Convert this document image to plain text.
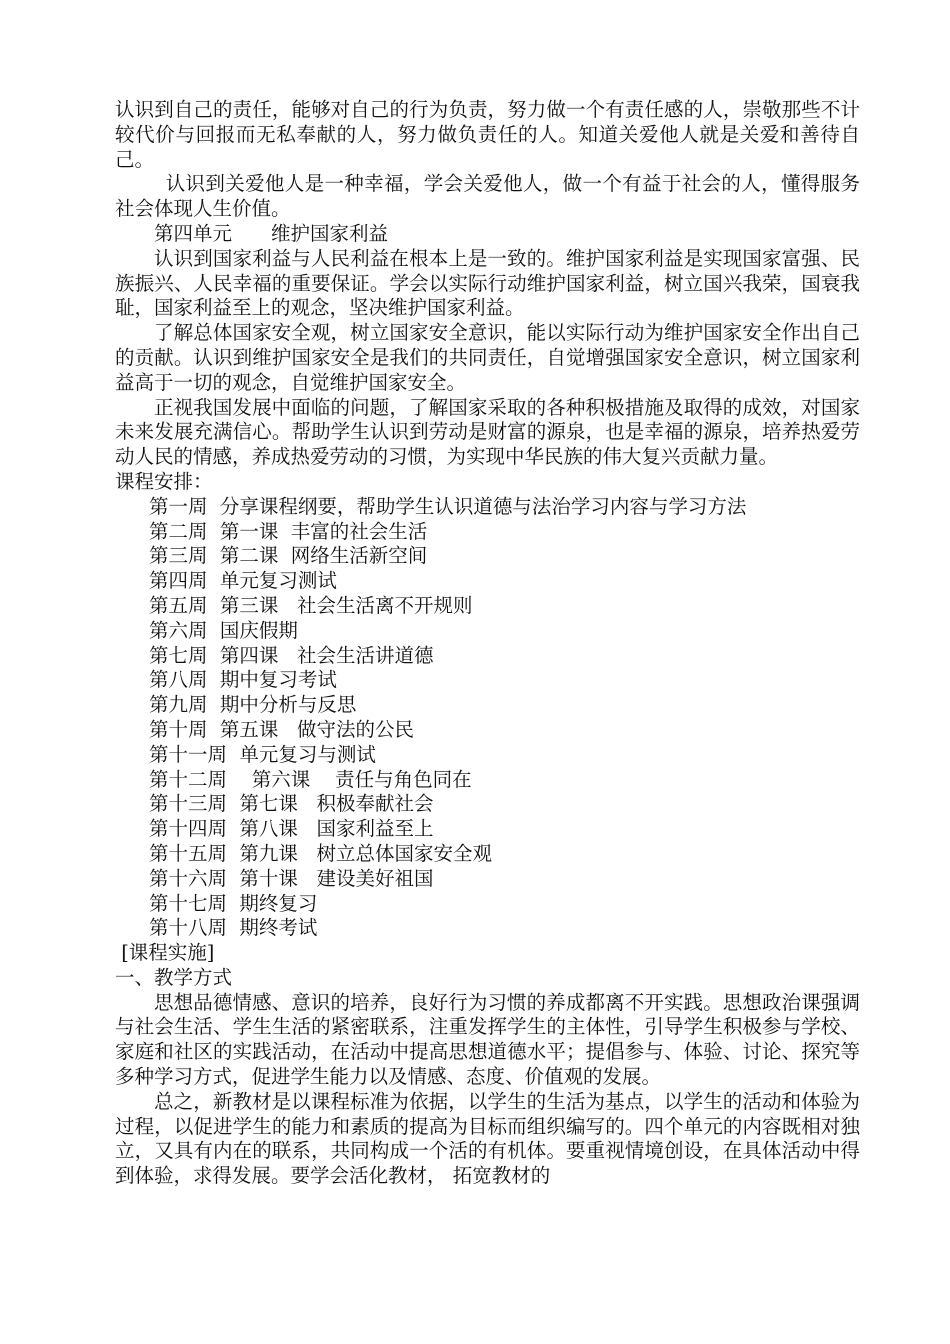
认识到自己的责任，能够对自己的行为负责，努力做一个有责任感的人，崇敬那些不计较代价与回报而无私奉献的人，努力做负责任的人。知道关爱他人就是关爱和善待自己。

认识到关爱他人是一种幸福，学会关爱他人，做一个有益于社会的人，懂得服务社会体现人生价值。

第四单元　　维护国家利益

认识到国家利益与人民利益在根本上是一致的。维护国家利益是实现国家富强、民族振兴、人民幸福的重要保证。学会以实际行动维护国家利益，树立国兴我荣，国衰我耻，国家利益至上的观念，坚决维护国家利益。

了解总体国家安全观，树立国家安全意识，能以实际行动为维护国家安全作出自己的贡献。认识到维护国家安全是我们的共同责任，自觉增强国家安全意识，树立国家利益高于一切的观念，自觉维护国家安全。

正视我国发展中面临的问题，了解国家采取的各种积极措施及取得的成效，对国家未来发展充满信心。帮助学生认识到劳动是财富的源泉，也是幸福的源泉，培养热爱劳动人民的情感，养成热爱劳动的习惯，为实现中华民族的伟大复兴贡献力量。

课程安排：
第一周  分享课程纲要，帮助学生认识道德与法治学习内容与学习方法
第二周  第一课  丰富的社会生活
第三周  第二课  网络生活新空间
第四周  单元复习测试
第五周  第三课   社会生活离不开规则
第六周  国庆假期
第七周  第四课   社会生活讲道德
第八周  期中复习考试
第九周  期中分析与反思
第十周  第五课   做守法的公民
第十一周  单元复习与测试
第十二周    第六课    责任与角色同在
第十三周  第七课   积极奉献社会
第十四周  第八课   国家利益至上
第十五周  第九课   树立总体国家安全观
第十六周  第十课   建设美好祖国
第十七周  期终复习
第十八周  期终考试
[课程实施]
一、教学方式

思想品德情感、意识的培养，良好行为习惯的养成都离不开实践。思想政治课强调与社会生活、学生生活的紧密联系，注重发挥学生的主体性，引导学生积极参与学校、家庭和社区的实践活动，在活动中提高思想道德水平；提倡参与、体验、讨论、探究等多种学习方式，促进学生能力以及情感、态度、价值观的发展。

总之，新教材是以课程标准为依据，以学生的生活为基点，以学生的活动和体验为过程，以促进学生的能力和素质的提高为目标而组织编写的。四个单元的内容既相对独立，又具有内在的联系，共同构成一个活的有机体。要重视情境创设，在具体活动中得到体验，求得发展。要学会活化教材， 拓宽教材的
